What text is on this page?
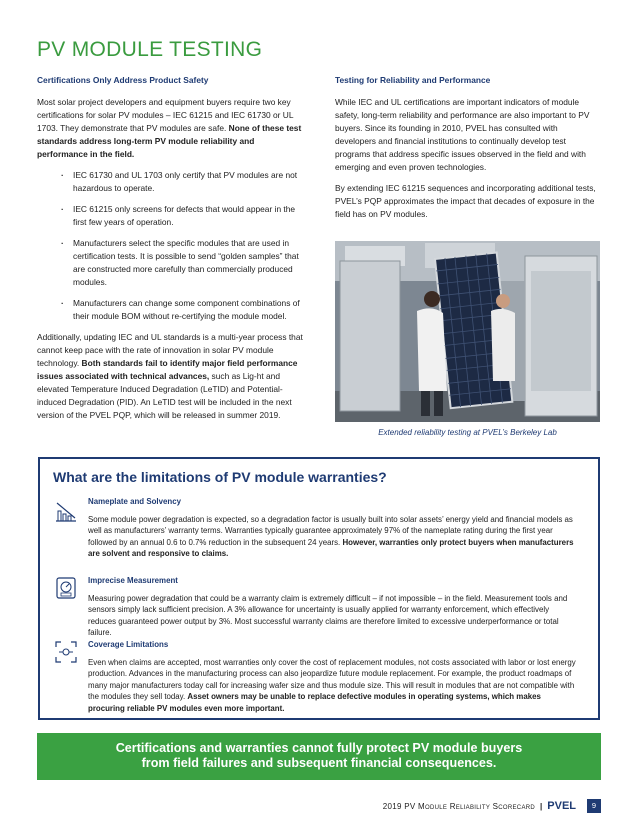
PV MODULE TESTING
Certifications Only Address Product Safety

Most solar project developers and equipment buyers require two key certifications for solar PV modules – IEC 61215 and IEC 61730 or UL 1703. They demonstrate that PV modules are safe. None of these test standards address long-term PV module reliability and performance in the field.

· IEC 61730 and UL 1703 only certify that PV modules are not hazardous to operate.
· IEC 61215 only screens for defects that would appear in the first few years of operation.
· Manufacturers select the specific modules that are used in certification tests. It is possible to send “golden samples” that are constructed more carefully than commercially produced modules.
· Manufacturers can change some component combinations of their module BOM without re-certifying the module model.

Additionally, updating IEC and UL standards is a multi-year process that cannot keep pace with the rate of innovation in solar PV module technology. Both standards fail to identify major field performance issues associated with technical advances, such as Lig-ht and elevated Temperature Induced Degradation (LeTID) and Potential-induced Degradation (PID). An LeTID test will be included in the next version of the PVEL PQP, which will be released in summer 2019.

Testing for Reliability and Performance

While IEC and UL certifications are important indicators of module safety, long-term reliability and performance are also important to PV buyers. Since its founding in 2010, PVEL has consulted with developers and financial institutions to continually develop test programs that address specific issues observed in the field and with emerging and even proven technologies.

By extending IEC 61215 sequences and incorporating additional tests, PVEL’s PQP approximates the impact that decades of exposure in the field has on PV modules.

Extended reliability testing at PVEL’s Berkeley Lab
What are the limitations of PV module warranties?
Nameplate and Solvency
Some module power degradation is expected, so a degradation factor is usually built into solar assets’ energy yield and financial models as well as manufacturers’ warranty terms. Warranties typically guarantee approximately 97% of the nameplate rating during the first year followed by an annual 0.6 to 0.7% reduction in the subsequent 24 years. However, warranties only protect buyers when manufacturers are solvent and responsive to claims.
Imprecise Measurement
Measuring power degradation that could be a warranty claim is extremely difficult – if not impossible – in the field. Measurement tools and sensors simply lack sufficient precision. A 3% allowance for uncertainty is usually applied for warranty enforcement, which effectively reduces guaranteed power output by 3%. Most successful warranty claims are therefore limited to excessive underperformance or total failure.
Coverage Limitations
Even when claims are accepted, most warranties only cover the cost of replacement modules, not costs associated with labor or lost energy production. Advances in the manufacturing process can also jeopardize future module replacement. For example, the product roadmaps of many major manufacturers today call for increasing wafer size and thus module size. This will result in modules that are not compatible with the modules they sell today. Asset owners may be unable to replace defective modules in operating systems, which makes procuring reliable PV modules even more important.
Certifications and warranties cannot fully protect PV module buyers
from field failures and subsequent financial consequences.
2019 PV Module Reliability Scorecard | PVEL	9
